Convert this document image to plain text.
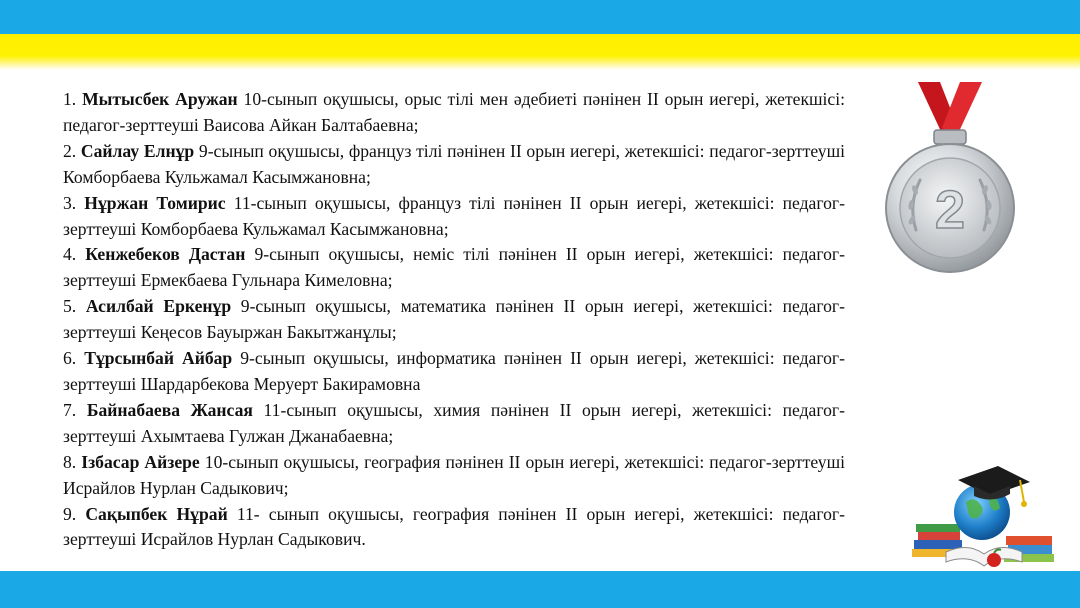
1. Мытысбек Аружан 10-сынып оқушысы, орыс тілі мен әдебиеті пәнінен II орын иегері, жетекшісі: педагог-зерттеуші Ваисова Айкан Балтабаевна;
2. Сайлау Елнұр 9-сынып оқушысы, француз тілі пәнінен II орын иегері, жетекшісі: педагог-зерттеуші Комборбаева Кульжамал Касымжановна;
3. Нұржан Томирис 11-сынып оқушысы, француз тілі пәнінен II орын иегері, жетекшісі: педагог-зерттеуші Комборбаева Кульжамал Касымжановна;
4. Кенжебеков Дастан 9-сынып оқушысы, неміс тілі пәнінен II орын иегері, жетекшісі: педагог-зерттеуші Ермекбаева Гульнара Кимеловна;
5. Асилбай Еркенұр 9-сынып оқушысы, математика пәнінен II орын иегері, жетекшісі: педагог-зерттеуші Кеңесов Бауыржан Бакытжанұлы;
6. Тұрсынбай Айбар 9-сынып оқушысы, информатика пәнінен II орын иегері, жетекшісі: педагог-зерттеуші Шардарбекова Меруерт Бакирамовна
7. Байнабаева Жансая 11-сынып оқушысы, химия пәнінен II орын иегері, жетекшісі: педагог-зерттеуші Ахымтаева Гулжан Джанабаевна;
8. Ізбасар Айзере 10-сынып оқушысы, география пәнінен II орын иегері, жетекшісі: педагог-зерттеуші Исрайлов Нурлан Садыкович;
9. Сақыпбек Нұрай 11- сынып оқушысы, география пәнінен II орын иегері, жетекшісі: педагог-зерттеуші Исрайлов Нурлан Садыкович.
2
